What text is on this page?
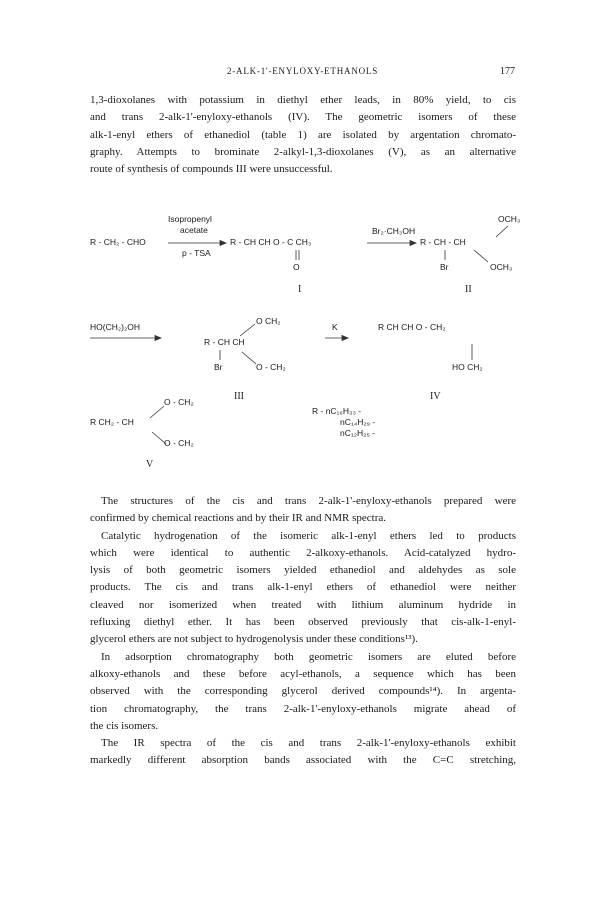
2-ALK-1'-ENYLOXY-ETHANOLS	177
1,3-dioxolanes with potassium in diethyl ether leads, in 80% yield, to cis
and trans 2-alk-1'-enyloxy-ethanols (IV). The geometric isomers of these
alk-1-enyl ethers of ethanediol (table 1) are isolated by argentation chromato-
graphy. Attempts to brominate 2-alkyl-1,3-dioxolanes (V), as an alternative
route of synthesis of compounds III were unsuccessful.
Isopropenyl
acetate
R - CH₂ - CHO
p - TSA
R - CH CH O - C CH₃
O
Br₂·CH₃OH
OCH₃
R - CH - CH
Br	OCH₃
I	II
HO(CH₂)₂OH
O CH₂
R - CH CH
Br	O - CH₂
K	R CH CH O - CH₂
HO CH₂
III	IV
O - CH₂
R CH₂ - CH
O - CH₂
V
R - nC₁₆H₃₃ -
nC₁₄H₂₉ -
nC₁₂H₂₅ -
The structures of the cis and trans 2-alk-1'-enyloxy-ethanols prepared were
confirmed by chemical reactions and by their IR and NMR spectra.
Catalytic hydrogenation of the isomeric alk-1-enyl ethers led to products
which were identical to authentic 2-alkoxy-ethanols. Acid-catalyzed hydro-
lysis of both geometric isomers yielded ethanediol and aldehydes as sole
products. The cis and trans alk-1-enyl ethers of ethanediol were neither
cleaved nor isomerized when treated with lithium aluminum hydride in
refluxing diethyl ether. It has been observed previously that cis-alk-1-enyl-
glycerol ethers are not subject to hydrogenolysis under these conditions¹³).
In adsorption chromatography both geometric isomers are eluted before
alkoxy-ethanols and these before acyl-ethanols, a sequence which has been
observed with the corresponding glycerol derived compounds¹⁴). In argenta-
tion chromatography, the trans 2-alk-1'-enyloxy-ethanols migrate ahead of
the cis isomers.
The IR spectra of the cis and trans 2-alk-1'-enyloxy-ethanols exhibit
markedly different absorption bands associated with the C=C stretching,
